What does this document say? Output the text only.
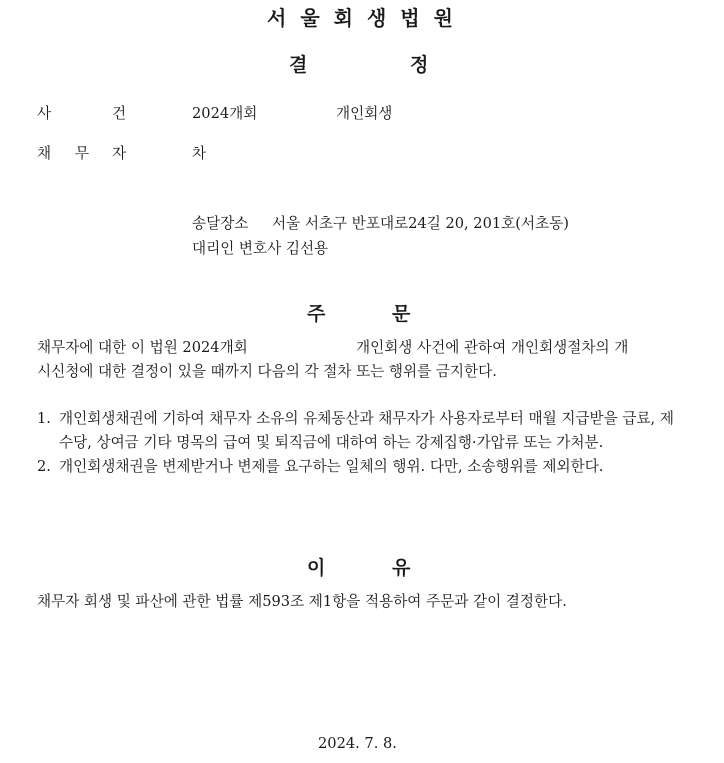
서울회생법원
결	정
사	건	2024개회	개인회생
채 무 자	차
송달장소 서울 서초구 반포대로24길 20, 201호(서초동)
대리인 변호사 김선용
주	문
채무자에 대한 이 법원 2024개회	개인회생 사건에 관하여 개인회생절차의 개
시신청에 대한 결정이 있을 때까지 다음의 각 절차 또는 행위를 금지한다.
1. 개인회생채권에 기하여 채무자 소유의 유체동산과 채무자가 사용자로부터 매월 지급받을 급료, 제수당, 상여금 기타 명목의 급여 및 퇴직금에 대하여 하는 강제집행·가압류 또는 가처분.
2. 개인회생채권을 변제받거나 변제를 요구하는 일체의 행위. 다만, 소송행위를 제외한다.
이	유
채무자 회생 및 파산에 관한 법률 제593조 제1항을 적용하여 주문과 같이 결정한다.
2024. 7. 8.
